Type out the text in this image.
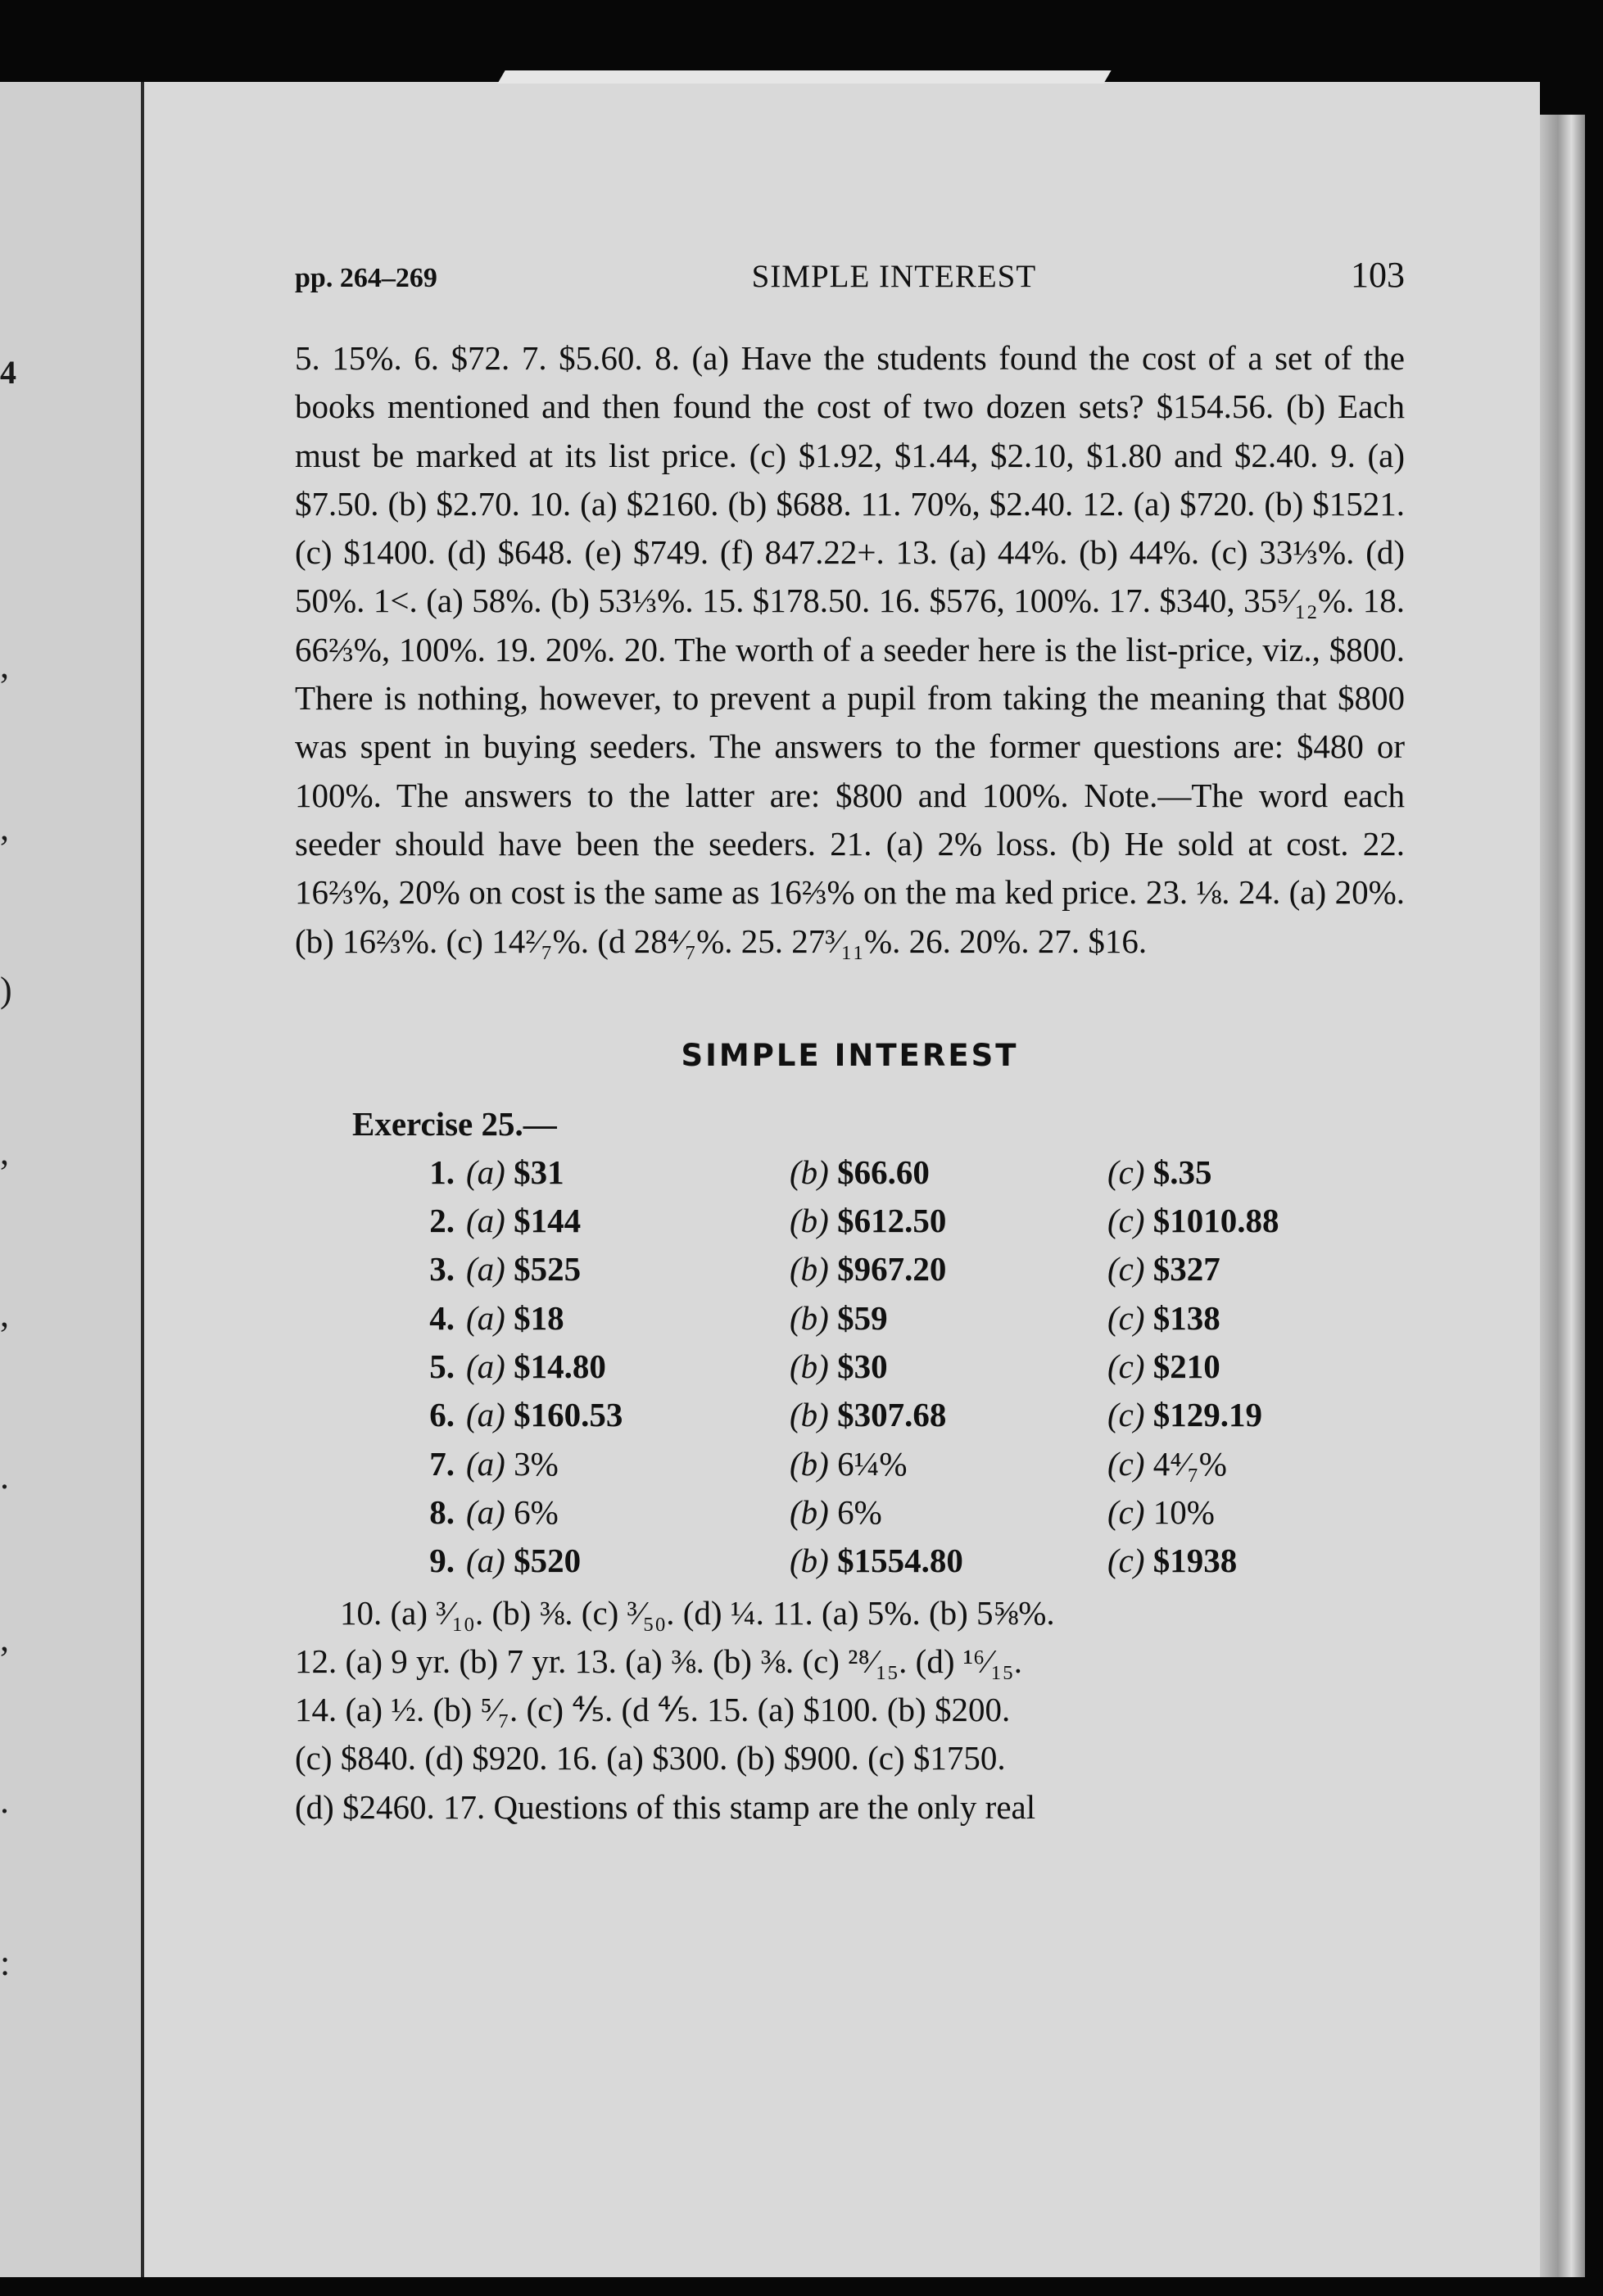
4

,

,

)

,

,

.

,

.

:

pp. 264–269	SIMPLE INTEREST	103
5. 15%. 6. $72. 7. $5.60. 8. (a) Have the students found the cost of a set of the books mentioned and then found the cost of two dozen sets? $154.56. (b) Each must be marked at its list price. (c) $1.92, $1.44, $2.10, $1.80 and $2.40. 9. (a) $7.50. (b) $2.70. 10. (a) $2160. (b) $688. 11. 70%, $2.40. 12. (a) $720. (b) $1521. (c) $1400. (d) $648. (e) $749. (f) 847.22+. 13. (a) 44%. (b) 44%. (c) 33⅓%. (d) 50%. 1<. (a) 58%. (b) 53⅓%. 15. $178.50. 16. $576, 100%. 17. $340, 35⁵⁄₁₂%. 18. 66⅔%, 100%. 19. 20%. 20. The worth of a seeder here is the list-price, viz., $800. There is nothing, however, to prevent a pupil from taking the meaning that $800 was spent in buying seeders. The answers to the former questions are: $480 or 100%. The answers to the latter are: $800 and 100%. Note.—The word each seeder should have been the seeders. 21. (a) 2% loss. (b) He sold at cost. 22. 16⅔%, 20% on cost is the same as 16⅔% on the ma ked price. 23. ⅛. 24. (a) 20%. (b) 16⅔%. (c) 14²⁄₇%. (d 28⁴⁄₇%. 25. 27³⁄₁₁%. 26. 20%. 27. $16.
SIMPLE INTEREST
Exercise 25.—
1.	(a) $31	(b) $66.60	(c) $.35
2.	(a) $144	(b) $612.50	(c) $1010.88
3.	(a) $525	(b) $967.20	(c) $327
4.	(a) $18	(b) $59	(c) $138
5.	(a) $14.80	(b) $30	(c) $210
6.	(a) $160.53	(b) $307.68	(c) $129.19
7.	(a) 3%	(b) 6¼%	(c) 4⁴⁄₇%
8.	(a) 6%	(b) 6%	(c) 10%
9.	(a) $520	(b) $1554.80	(c) $1938

10. (a) ³⁄₁₀. (b) ⅜. (c) ³⁄₅₀. (d) ¼. 11. (a) 5%. (b) 5⅝%.

12. (a) 9 yr. (b) 7 yr. 13. (a) ⅜. (b) ⅜. (c) ²⁸⁄₁₅. (d) ¹⁶⁄₁₅.

14. (a) ½. (b) ⁵⁄₇. (c) ⅘. (d ⅘. 15. (a) $100. (b) $200.

(c) $840. (d) $920. 16. (a) $300. (b) $900. (c) $1750.

(d) $2460. 17. Questions of this stamp are the only real
